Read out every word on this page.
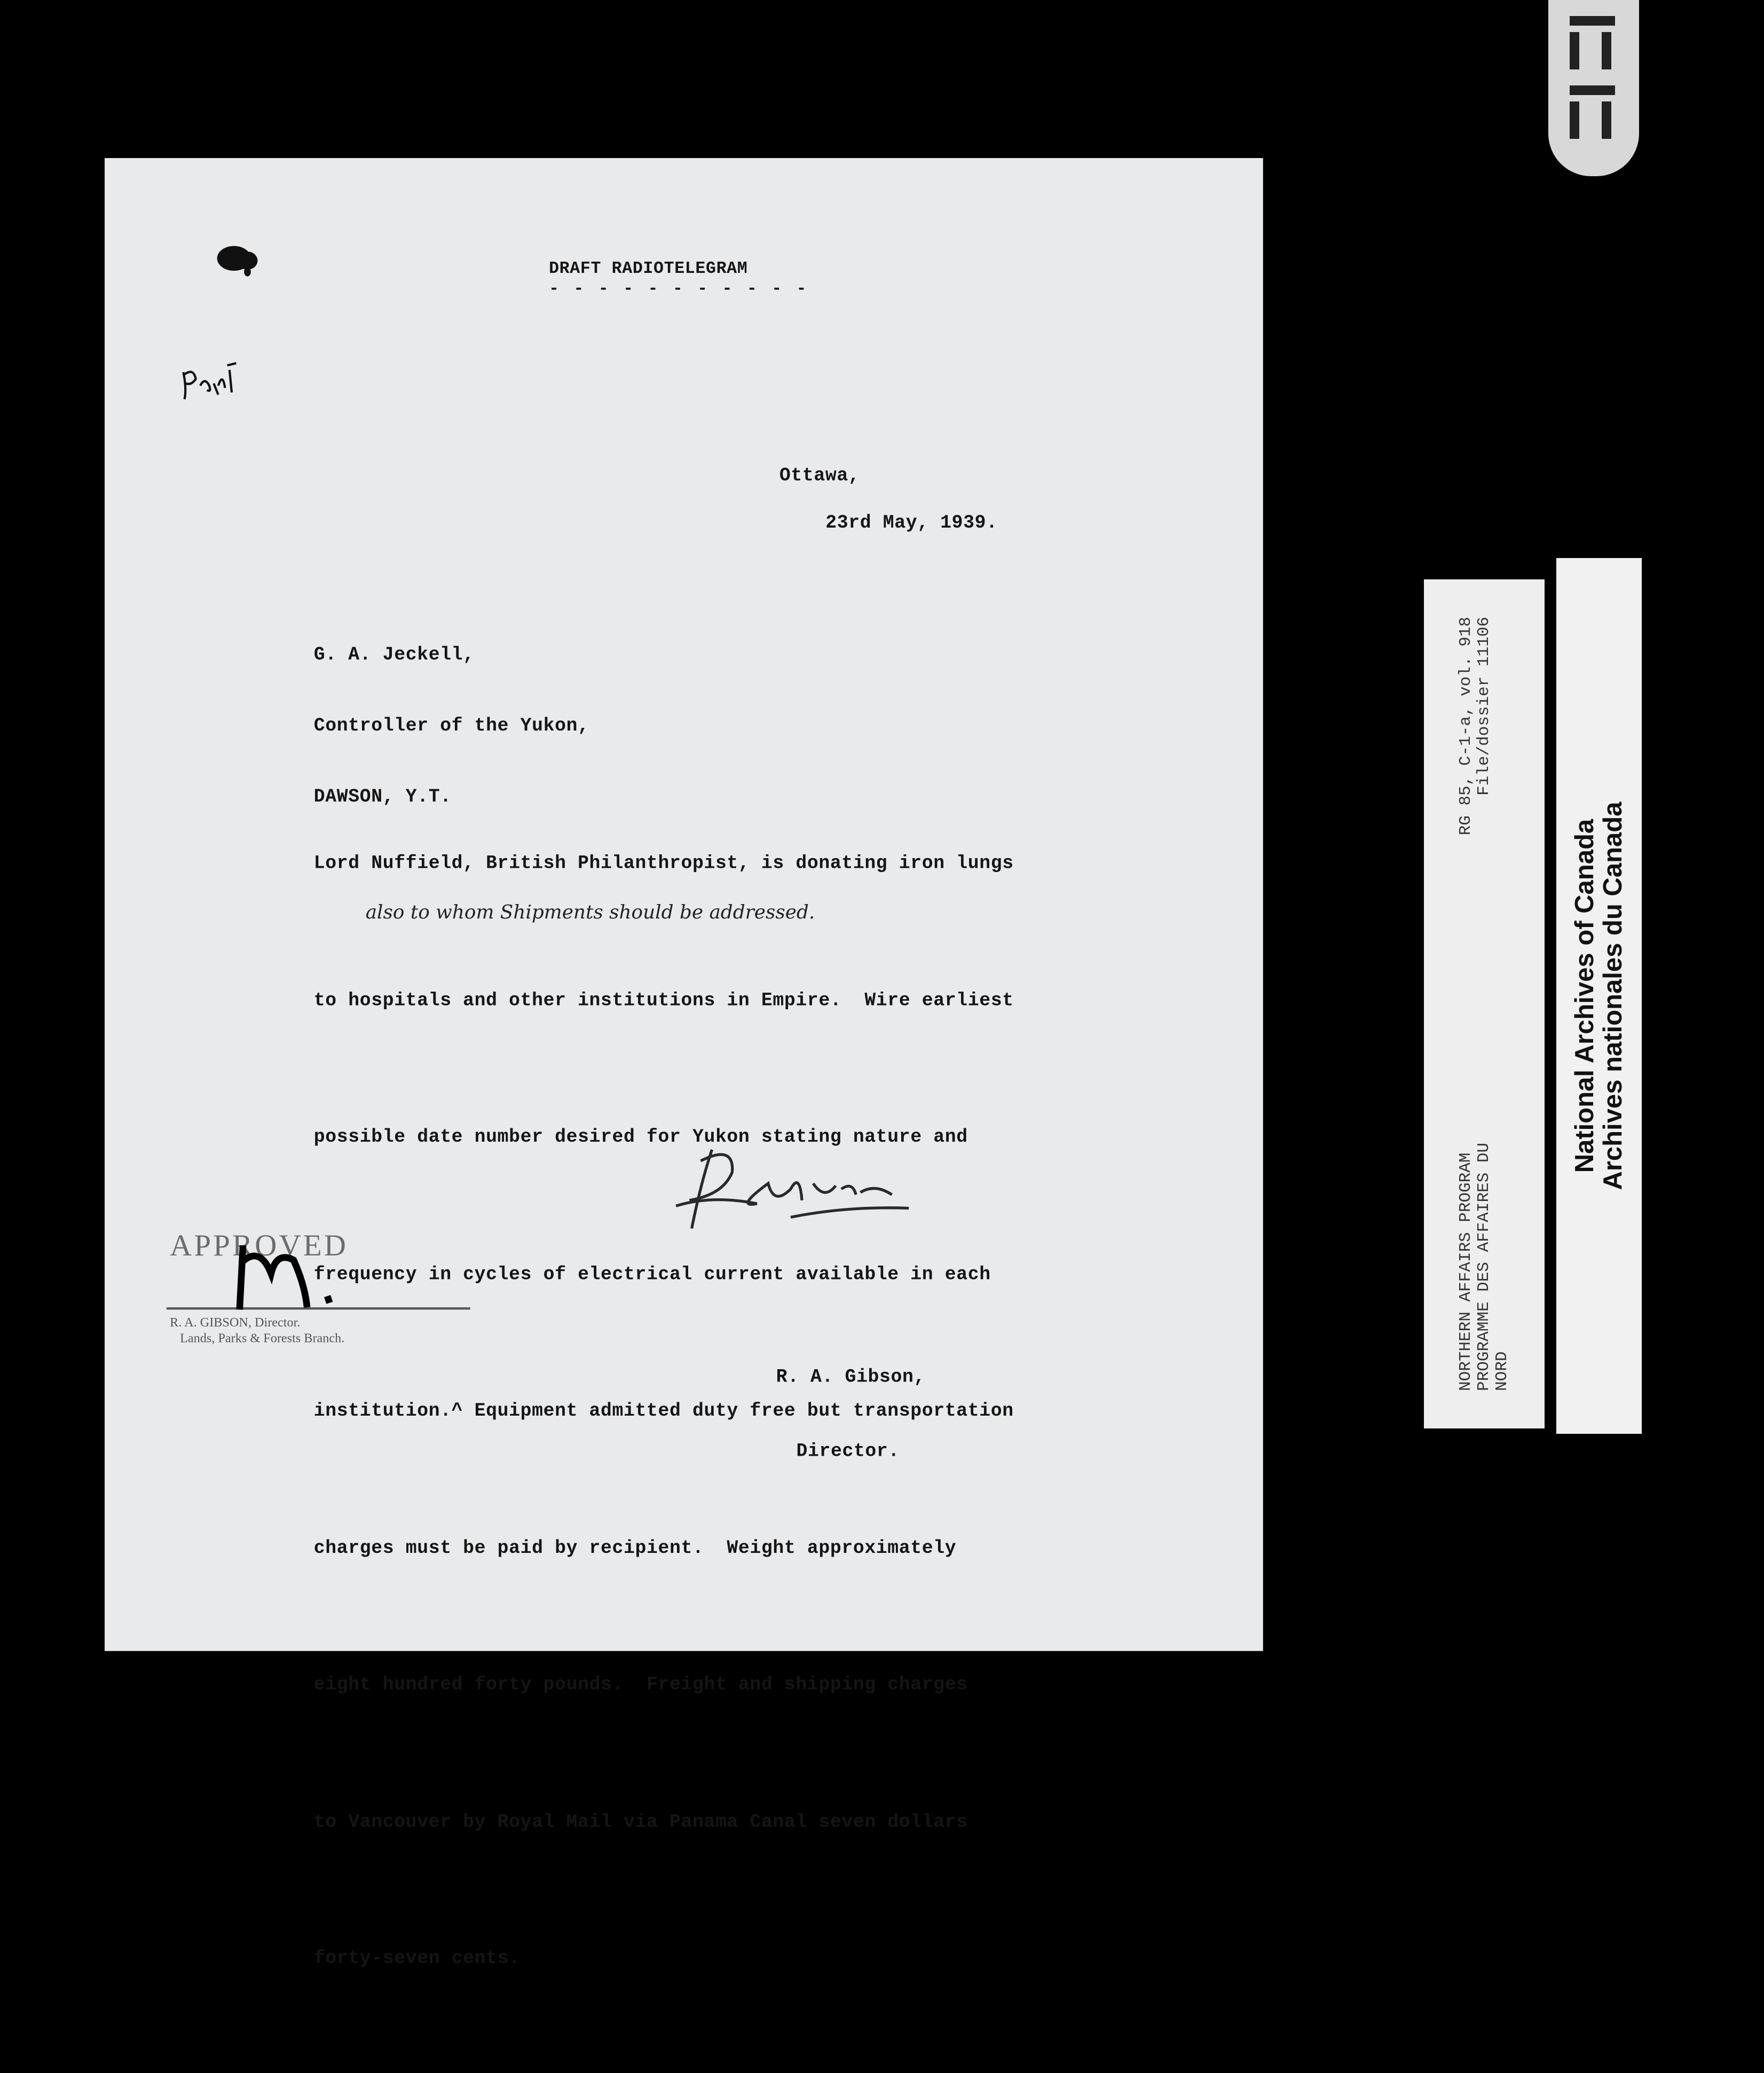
DRAFT RADIOTELEGRAM
- - - - - - - - - - -
Ottawa,
23rd May, 1939.

G. A. Jeckell,

Controller of the Yukon,

DAWSON, Y.T.

Lord Nuffield, British Philanthropist, is donating iron lungs

to hospitals and other institutions in Empire.  Wire earliest

possible date number desired for Yukon stating nature and

frequency in cycles of electrical current available in each

institution.^ Equipment admitted duty free but transportation

charges must be paid by recipient.  Weight approximately

eight hundred forty pounds.  Freight and shipping charges

to Vancouver by Royal Mail via Panama Canal seven dollars

forty-seven cents.

also to whom Shipments should be addressed.

R. A. Gibson,

Director.

APPROVED
R. A. GIBSON, Director.
Lands, Parks & Forests Branch.	NORTHERN AFFAIRS PROGRAM
RG 85, C-1-a, vol. 918
PROGRAMME DES AFFAIRES DU
File/dossier 11106
NORD
National Archives of Canada Archives nationales du Canada
